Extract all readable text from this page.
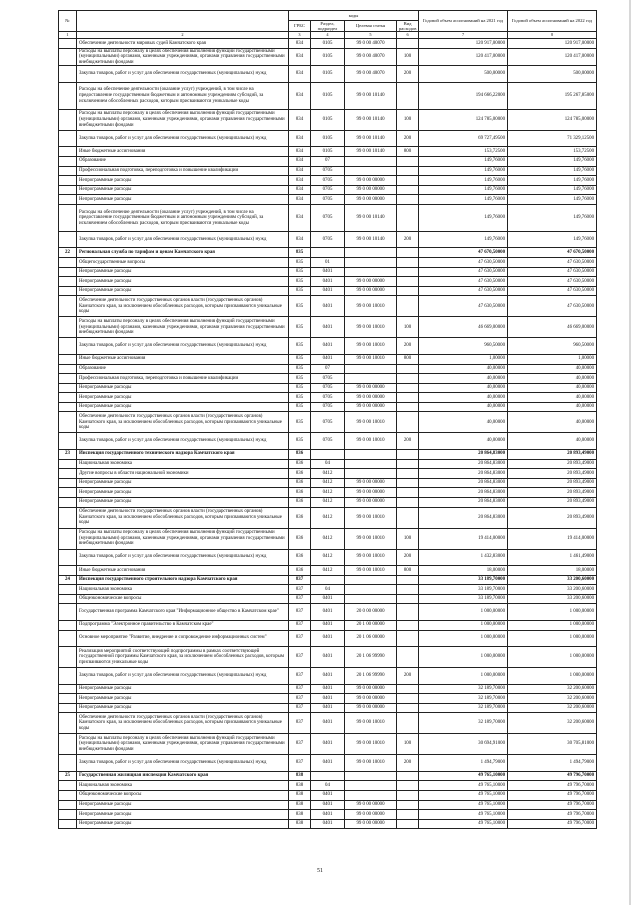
№		коды				Годовой объем ассигнований на 2021 год	Годовой объем ассигнований на 2022 год
		ГРБС	Раздел, подраздел	Целевая статья	Вид расходов		
1	2	3	4	5	6	7	8
	Обеспечение деятельности мировых судей Камчатского края	834	0105	99 0 00 40070		120 917,00000	120 917,00000
	Расходы на выплаты персоналу в целях обеспечения выполнения функций государственными (муниципальными) органами, казенными учреждениями, органами управления государственными внебюджетными фондами	834	0105	99 0 00 40070	100	120 417,00000	120 417,00000
	Закупка товаров, работ и услуг для обеспечения государственных (муниципальных) нужд	834	0105	99 0 00 40070	200	500,00000	500,00000
	Расходы на обеспечение деятельности (оказание услуг) учреждений, в том числе на предоставление государственным бюджетным и автономным учреждениям субсидий, за исключением обособленных расходов, которым присваиваются уникальные коды	834	0105	99 0 00 10140		194 666,22000	195 267,85000
	Расходы на выплаты персоналу в целях обеспечения выполнения функций государственными (муниципальными) органами, казенными учреждениями, органами управления государственными внебюджетными фондами	834	0105	99 0 00 10140	100	124 785,00000	124 785,00000
	Закупка товаров, работ и услуг для обеспечения государственных (муниципальных) нужд	834	0105	99 0 00 10140	200	69 727,49500	71 329,12500
	Иные бюджетные ассигнования	834	0105	99 0 00 10140	800	153,72500	153,72500
	Образование	834	07			149,76000	149,76000
	Профессиональная подготовка, переподготовка и повышение квалификации	834	0705			149,76000	149,76000
	Непрограммные расходы	834	0705	99 0 00 00000		149,76000	149,76000
	Непрограммные расходы	834	0705	99 0 00 00000		149,76000	149,76000
	Непрограммные расходы	834	0705	99 0 00 00000		149,76000	149,76000
	Расходы на обеспечение деятельности (оказание услуг) учреждений, в том числе на предоставление государственным бюджетным и автономным учреждениям субсидий, за исключением обособленных расходов, которым присваиваются уникальные коды	834	0705	99 0 00 10140		149,76000	149,76000
	Закупка товаров, работ и услуг для обеспечения государственных (муниципальных) нужд	834	0705	99 0 00 10140	200	149,76000	149,76000
22	Региональная служба по тарифам и ценам Камчатского края	835				47 670,50000	47 670,50000
	Общегосударственные вопросы	835	01			47 630,50000	47 630,50000
	Непрограммные расходы	835	0401			47 630,50000	47 630,50000
	Непрограммные расходы	835	0401	99 0 00 00000		47 630,50000	47 630,50000
	Непрограммные расходы	835	0401	99 0 00 00000		47 630,50000	47 630,50000
	Обеспечение деятельности государственных органов власти (государственных органов) Камчатского края, за исключением обособленных расходов, которым присваиваются уникальные коды	835	0401	99 0 00 10010		47 630,50000	47 630,50000
	Расходы на выплаты персоналу в целях обеспечения выполнения функций государственными (муниципальными) органами, казенными учреждениями, органами управления государственными внебюджетными фондами	835	0401	99 0 00 10010	100	46 669,00000	46 669,00000
	Закупка товаров, работ и услуг для обеспечения государственных (муниципальных) нужд	835	0401	99 0 00 10010	200	960,50000	960,50000
	Иные бюджетные ассигнования	835	0401	99 0 00 10010	800	1,00000	1,00000
	Образование	835	07			40,00000	40,00000
	Профессиональная подготовка, переподготовка и повышение квалификации	835	0705			40,00000	40,00000
	Непрограммные расходы	835	0705	99 0 00 00000		40,00000	40,00000
	Непрограммные расходы	835	0705	99 0 00 00000		40,00000	40,00000
	Непрограммные расходы	835	0705	99 0 00 00000		40,00000	40,00000
	Обеспечение деятельности государственных органов власти (государственных органов) Камчатского края, за исключением обособленных расходов, которым присваиваются уникальные коды	835	0705	99 0 00 10010		40,00000	40,00000
	Закупка товаров, работ и услуг для обеспечения государственных (муниципальных) нужд	835	0705	99 0 00 10010	200	40,00000	40,00000
23	Инспекция государственного технического надзора Камчатского края	836				20 864,83000	20 893,49000
	Национальная экономика	836	04			20 864,83000	20 893,49000
	Другие вопросы в области национальной экономики	836	0412			20 864,83000	20 893,49000
	Непрограммные расходы	836	0412	99 0 00 00000		20 864,83000	20 893,49000
	Непрограммные расходы	836	0412	99 0 00 00000		20 864,83000	20 893,49000
	Непрограммные расходы	836	0412	99 0 00 00000		20 864,83000	20 893,49000
	Обеспечение деятельности государственных органов власти (государственных органов) Камчатского края, за исключением обособленных расходов, которым присваиваются уникальные коды	836	0412	99 0 00 10010		20 864,83000	20 893,49000
	Расходы на выплаты персоналу в целях обеспечения выполнения функций государственными (муниципальными) органами, казенными учреждениями, органами управления государственными внебюджетными фондами	836	0412	99 0 00 10010	100	19 414,00000	19 414,00000
	Закупка товаров, работ и услуг для обеспечения государственных (муниципальных) нужд	836	0412	99 0 00 10010	200	1 432,83000	1 461,49000
	Иные бюджетные ассигнования	836	0412	99 0 00 10010	800	18,00000	18,00000
24	Инспекция государственного строительного надзора Камчатского края	837				33 189,70000	33 200,60000
	Национальная экономика	837	04			33 189,70000	33 200,60000
	Общеэкономические вопросы	837	0401			33 189,70000	33 200,60000
	Государственная программа Камчатского края "Информационное общество в Камчатском крае"	837	0401	20 0 00 00000		1 000,00000	1 000,00000
	Подпрограмма "Электронное правительство в Камчатском крае"	837	0401	20 1 00 00000		1 000,00000	1 000,00000
	Основное мероприятие "Развитие, внедрение и сопровождение информационных систем"	837	0401	20 1 06 00000		1 000,00000	1 000,00000
	Реализация мероприятий соответствующей подпрограммы в рамках соответствующей государственной программы Камчатского края, за исключением обособленных расходов, которым присваиваются уникальные коды	837	0401	20 1 06 99990		1 000,00000	1 000,00000
	Закупка товаров, работ и услуг для обеспечения государственных (муниципальных) нужд	837	0401	20 1 06 99990	200	1 000,00000	1 000,00000
	Непрограммные расходы	837	0401	99 0 00 00000		32 189,70000	32 200,60000
	Непрограммные расходы	837	0401	99 0 00 00000		32 189,70000	32 200,60000
	Непрограммные расходы	837	0401	99 0 00 00000		32 189,70000	32 200,60000
	Обеспечение деятельности государственных органов власти (государственных органов) Камчатского края, за исключением обособленных расходов, которым присваиваются уникальные коды	837	0401	99 0 00 10010		32 189,70000	32 200,60000
	Расходы на выплаты персоналу в целях обеспечения выполнения функций государственными (муниципальными) органами, казенными учреждениями, органами управления государственными внебюджетными фондами	837	0401	99 0 00 10010	100	30 694,91000	30 705,81000
	Закупка товаров, работ и услуг для обеспечения государственных (муниципальных) нужд	837	0401	99 0 00 10010	200	1 494,79000	1 494,79000
25	Государственная жилищная инспекция Камчатского края	838				49 765,10000	49 796,70000
	Национальная экономика	838	04			49 765,10000	49 796,70000
	Общеэкономические вопросы	838	0401			49 765,10000	49 796,70000
	Непрограммные расходы	838	0401	99 0 00 00000		49 765,10000	49 796,70000
	Непрограммные расходы	838	0401	99 0 00 00000		49 765,10000	49 796,70000
	Непрограммные расходы	838	0401	99 0 00 00000		49 765,10000	49 796,70000
51
